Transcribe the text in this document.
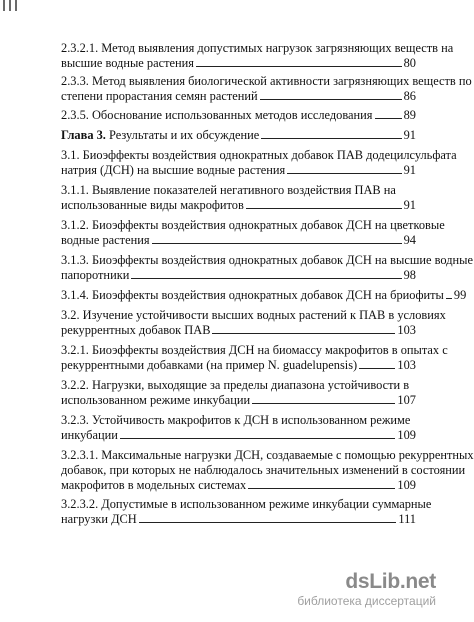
2.3.2.1. Метод выявления допустимых нагрузок загрязняющих веществ на
высшие водные растения	80
2.3.3. Метод выявления биологической активности загрязняющих веществ по
степени прорастания семян растений	86
2.3.5. Обоснование использованных методов исследования	89
Глава 3. Результаты и их обсуждение	91
3.1. Биоэффекты воздействия однократных добавок ПАВ додецилсульфата
натрия (ДСН) на высшие водные растения	91
3.1.1. Выявление показателей негативного воздействия ПАВ на
использованные виды макрофитов	91
3.1.2. Биоэффекты воздействия однократных добавок ДСН на цветковые
водные растения	94
3.1.3. Биоэффекты воздействия однократных добавок ДСН на высшие водные
папоротники	98
3.1.4. Биоэффекты воздействия однократных добавок ДСН на бриофиты 99
3.2. Изучение устойчивости высших водных растений к ПАВ в условиях
рекуррентных добавок ПАВ	103
3.2.1. Биоэффекты воздействия ДСН на биомассу макрофитов в опытах с
рекуррентными добавками (на пример N. guadelupensis)	103
3.2.2. Нагрузки, выходящие за пределы диапазона устойчивости в
использованном режиме инкубации	107
3.2.3. Устойчивость макрофитов к ДСН в использованном режиме
инкубации	109
3.2.3.1. Максимальные нагрузки ДСН, создаваемые с помощью рекуррентных
добавок, при которых не наблюдалось значительных изменений в состоянии
макрофитов в модельных системах	109
3.2.3.2. Допустимые в использованном режиме инкубации суммарные
нагрузки ДСН	111
dsLib.net
библиотека диссертаций
